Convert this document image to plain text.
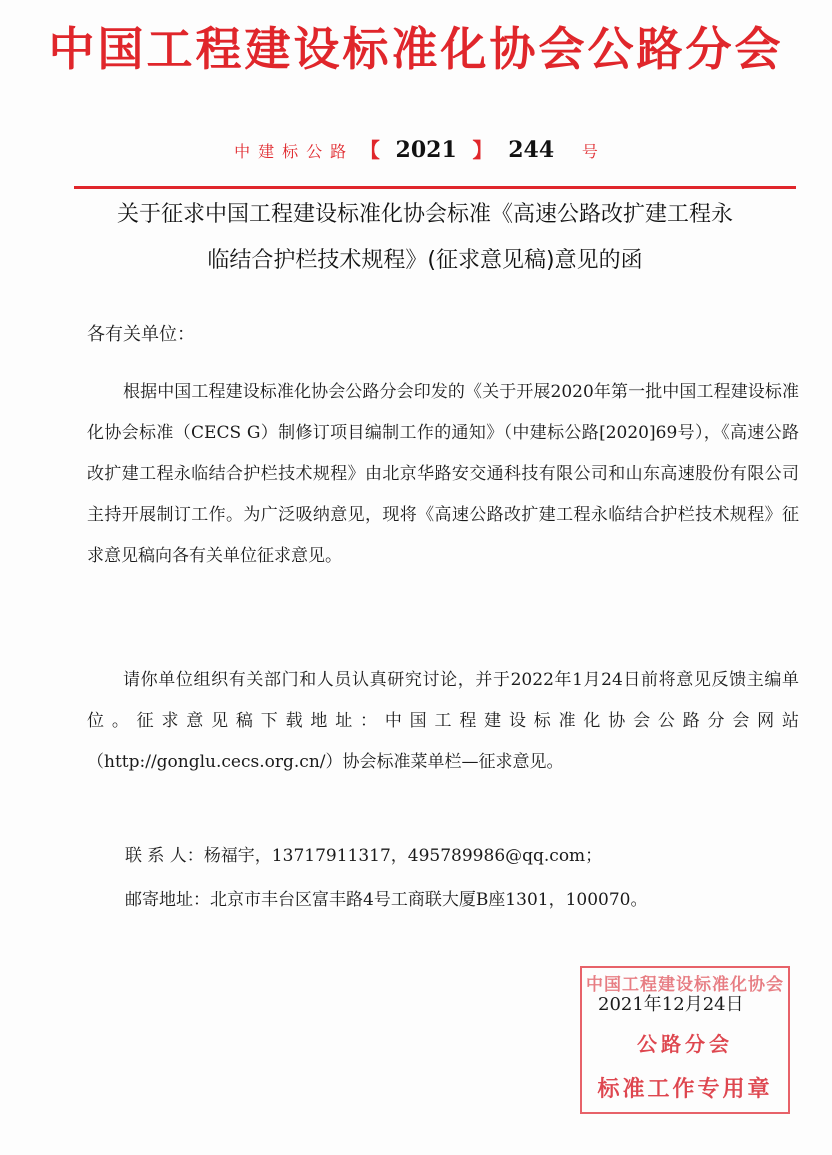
中国工程建设标准化协会公路分会
中建标公路 【 2021 】 244 号
关于征求中国工程建设标准化协会标准《高速公路改扩建工程永
临结合护栏技术规程》(征求意见稿)意见的函
各有关单位：

根据中国工程建设标准化协会公路分会印发的《关于开展2020年第一批中国工程建设标准化协会标准（CECS G）制修订项目编制工作的通知》（中建标公路[2020]69号），《高速公路改扩建工程永临结合护栏技术规程》由北京华路安交通科技有限公司和山东高速股份有限公司主持开展制订工作。为广泛吸纳意见，现将《高速公路改扩建工程永临结合护栏技术规程》征求意见稿向各有关单位征求意见。

请你单位组织有关部门和人员认真研究讨论，并于2022年1月24日前将意见反馈主编单位。征求意见稿下载地址：中国工程建设标准化协会公路分会网站（http://gonglu.cecs.org.cn/）协会标准菜单栏—征求意见。

联 系 人：杨福宇，13717911317，495789986@qq.com；
邮寄地址：北京市丰台区富丰路4号工商联大厦B座1301，100070。
中国工程建设标准化协会
2021年12月24日
公路分会
标准工作专用章
